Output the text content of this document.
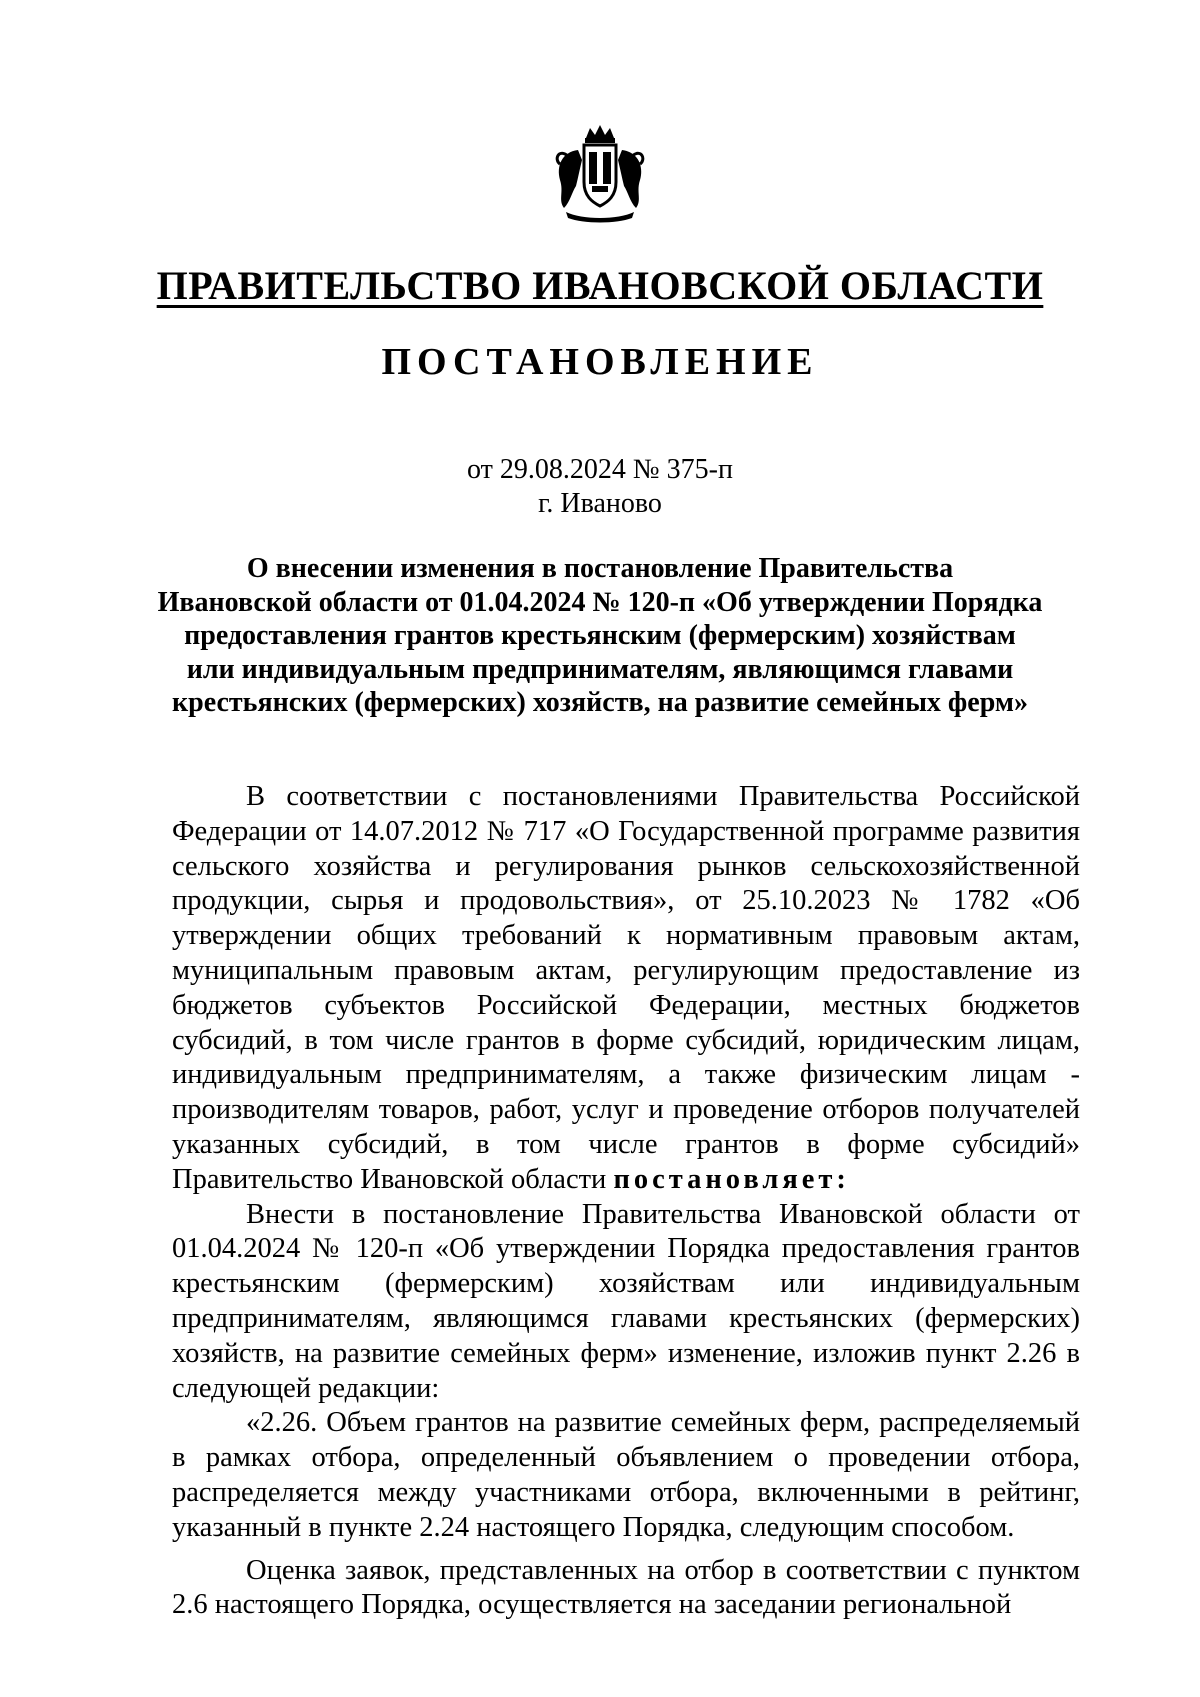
ПРАВИТЕЛЬСТВО ИВАНОВСКОЙ ОБЛАСТИ
ПОСТАНОВЛЕНИЕ
от 29.08.2024 № 375-п
г. Иваново
О внесении изменения в постановление Правительства
Ивановской области от 01.04.2024 № 120-п «Об утверждении Порядка
предоставления грантов крестьянским (фермерским) хозяйствам
или индивидуальным предпринимателям, являющимся главами
крестьянских (фермерских) хозяйств, на развитие семейных ферм»

В соответствии с постановлениями Правительства Российской Федерации от 14.07.2012 № 717 «О Государственной программе развития сельского хозяйства и регулирования рынков сельскохозяйственной продукции, сырья и продовольствия», от 25.10.2023 № 1782 «Об утверждении общих требований к нормативным правовым актам, муниципальным правовым актам, регулирующим предоставление из бюджетов субъектов Российской Федерации, местных бюджетов субсидий, в том числе грантов в форме субсидий, юридическим лицам, индивидуальным предпринимателям, а также физическим лицам - производителям товаров, работ, услуг и проведение отборов получателей указанных субсидий, в том числе грантов в форме субсидий» Правительство Ивановской области постановляет:

Внести в постановление Правительства Ивановской области от 01.04.2024 № 120-п «Об утверждении Порядка предоставления грантов крестьянским (фермерским) хозяйствам или индивидуальным предпринимателям, являющимся главами крестьянских (фермерских) хозяйств, на развитие семейных ферм» изменение, изложив пункт 2.26 в следующей редакции:

«2.26. Объем грантов на развитие семейных ферм, распределяемый в рамках отбора, определенный объявлением о проведении отбора, распределяется между участниками отбора, включенными в рейтинг, указанный в пункте 2.24 настоящего Порядка, следующим способом.

Оценка заявок, представленных на отбор в соответствии с пунктом 2.6 настоящего Порядка, осуществляется на заседании региональной
